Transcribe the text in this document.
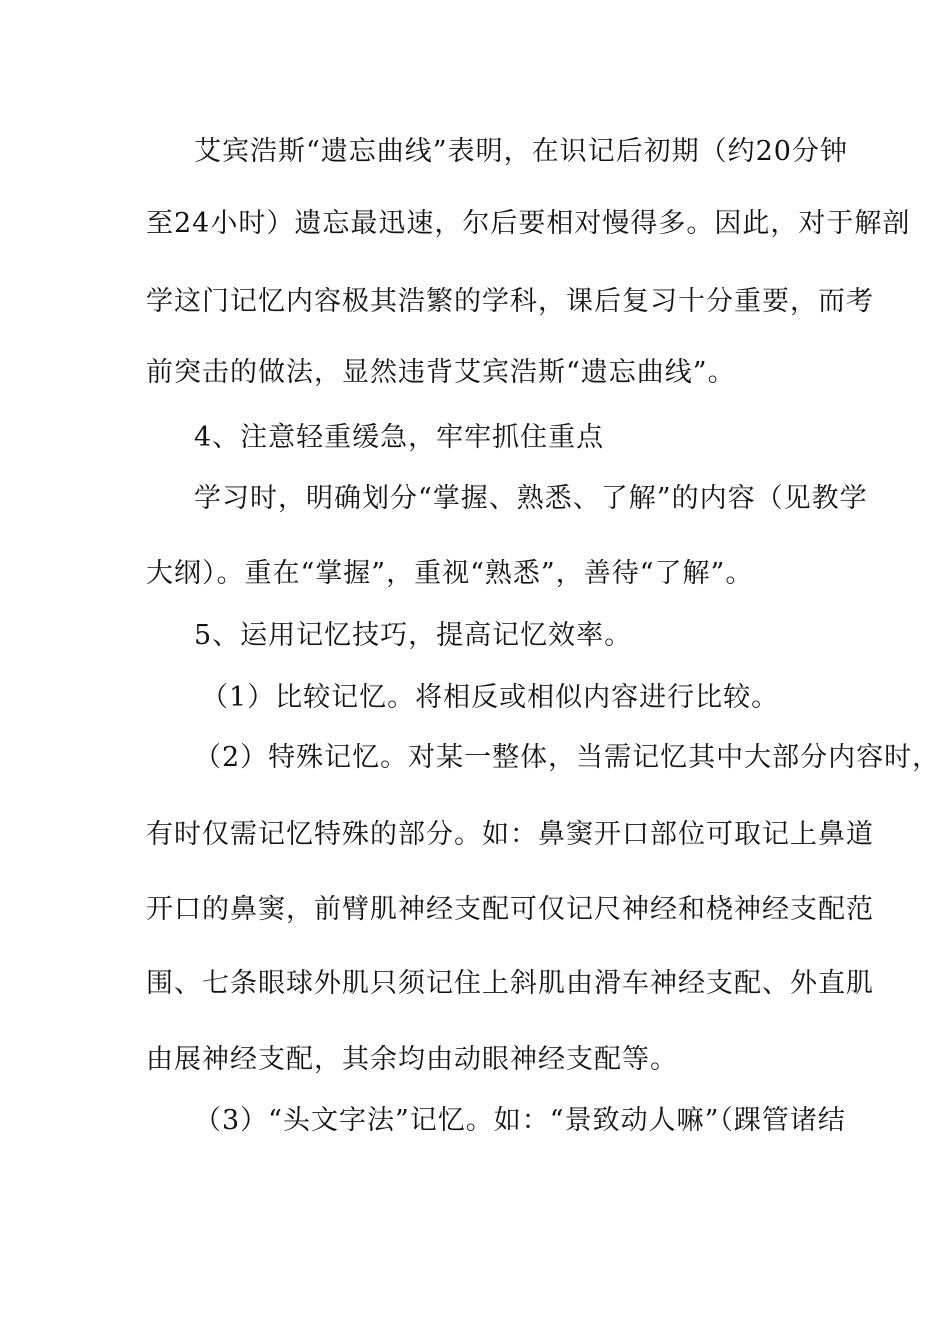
艾宾浩斯“遗忘曲线”表明，在识记后初期（约20分钟
至24小时）遗忘最迅速，尔后要相对慢得多。因此，对于解剖
学这门记忆内容极其浩繁的学科，课后复习十分重要，而考
前突击的做法，显然违背艾宾浩斯“遗忘曲线”。
4、注意轻重缓急，牢牢抓住重点
学习时，明确划分“掌握、熟悉、了解”的内容（见教学
大纲）。重在“掌握”，重视“熟悉”，善待“了解”。
5、运用记忆技巧，提高记忆效率。
（1）比较记忆。将相反或相似内容进行比较。
（2）特殊记忆。对某一整体，当需记忆其中大部分内容时，
有时仅需记忆特殊的部分。如：鼻窦开口部位可取记上鼻道
开口的鼻窦，前臂肌神经支配可仅记尺神经和桡神经支配范
围、七条眼球外肌只须记住上斜肌由滑车神经支配、外直肌
由展神经支配，其余均由动眼神经支配等。
（3）“头文字法”记忆。如：“景致动人嘛”（踝管诸结
